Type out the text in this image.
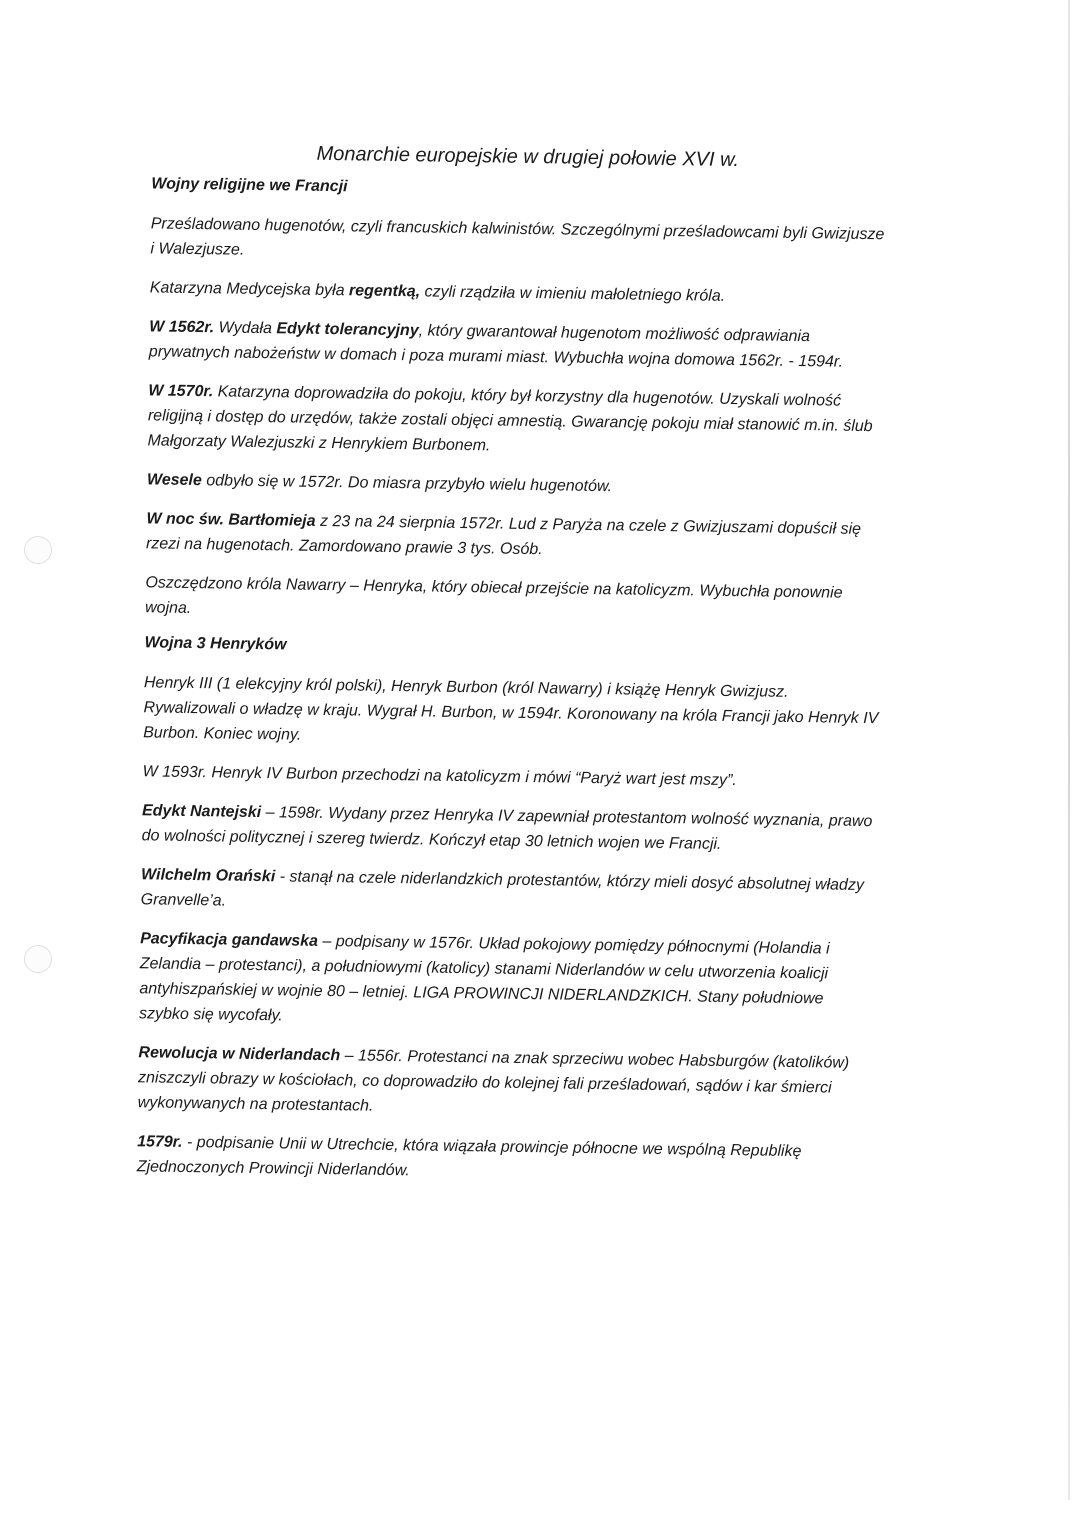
Monarchie europejskie w drugiej połowie XVI w.
Wojny religijne we Francji
Prześladowano hugenotów, czyli francuskich kalwinistów. Szczególnymi prześladowcami byli Gwizjusze i Walezjusze.
Katarzyna Medycejska była regentką, czyli rządziła w imieniu małoletniego króla.
W 1562r. Wydała Edykt tolerancyjny, który gwarantował hugenotom możliwość odprawiania prywatnych nabożeństw w domach i poza murami miast. Wybuchła wojna domowa 1562r. - 1594r.
W 1570r. Katarzyna doprowadziła do pokoju, który był korzystny dla hugenotów. Uzyskali wolność religijną i dostęp do urzędów, także zostali objęci amnestią. Gwarancję pokoju miał stanowić m.in. ślub Małgorzaty Walezjuszki z Henrykiem Burbonem.
Wesele odbyło się w 1572r. Do miasra przybyło wielu hugenotów.
W noc św. Bartłomieja z 23 na 24 sierpnia 1572r. Lud z Paryża na czele z Gwizjuszami dopuścił się rzezi na hugenotach. Zamordowano prawie 3 tys. Osób.
Oszczędzono króla Nawarry – Henryka, który obiecał przejście na katolicyzm. Wybuchła ponownie wojna.
Wojna 3 Henryków
Henryk III (1 elekcyjny król polski), Henryk Burbon (król Nawarry) i książę Henryk Gwizjusz. Rywalizowali o władzę w kraju. Wygrał H. Burbon, w 1594r. Koronowany na króla Francji jako Henryk IV Burbon. Koniec wojny.
W 1593r. Henryk IV Burbon przechodzi na katolicyzm i mówi “Paryż wart jest mszy”.
Edykt Nantejski – 1598r. Wydany przez Henryka IV zapewniał protestantom wolność wyznania, prawo do wolności politycznej i szereg twierdz. Kończył etap 30 letnich wojen we Francji.
Wilchelm Orański - stanął na czele niderlandzkich protestantów, którzy mieli dosyć absolutnej władzy Granvelle’a.
Pacyfikacja gandawska – podpisany w 1576r. Układ pokojowy pomiędzy północnymi (Holandia i Zelandia – protestanci), a południowymi (katolicy) stanami Niderlandów w celu utworzenia koalicji antyhiszpańskiej w wojnie 80 – letniej. LIGA PROWINCJI NIDERLANDZKICH. Stany południowe szybko się wycofały.
Rewolucja w Niderlandach – 1556r. Protestanci na znak sprzeciwu wobec Habsburgów (katolików) zniszczyli obrazy w kościołach, co doprowadziło do kolejnej fali prześladowań, sądów i kar śmierci wykonywanych na protestantach.
1579r. - podpisanie Unii w Utrechcie, która wiązała prowincje północne we wspólną Republikę Zjednoczonych Prowincji Niderlandów.
